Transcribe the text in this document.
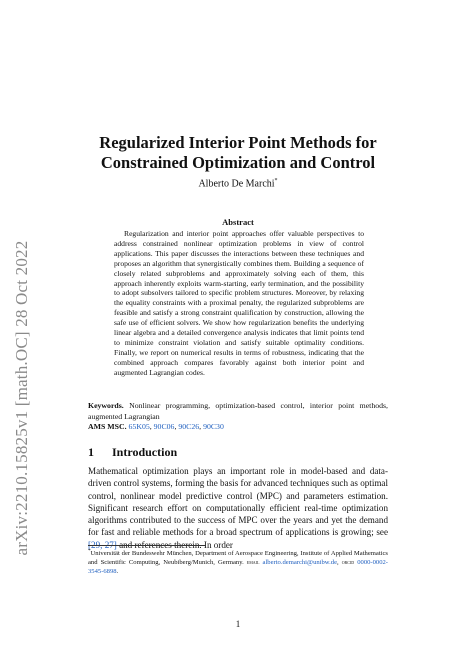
arXiv:2210.15825v1 [math.OC] 28 Oct 2022
Regularized Interior Point Methods for
Constrained Optimization and Control
Alberto De Marchi*
Abstract
Regularization and interior point approaches offer valuable perspectives to address constrained nonlinear optimization problems in view of control applications. This paper discusses the interactions between these techniques and proposes an algorithm that synergistically combines them. Building a sequence of closely related subproblems and approximately solving each of them, this approach inherently exploits warm-starting, early termination, and the possibility to adopt subsolvers tailored to specific problem structures. Moreover, by relaxing the equality constraints with a proximal penalty, the regularized subproblems are feasible and satisfy a strong constraint qualification by construction, allowing the safe use of efficient solvers. We show how regularization benefits the underlying linear algebra and a detailed convergence analysis indicates that limit points tend to minimize constraint violation and satisfy suitable optimality conditions. Finally, we report on numerical results in terms of robustness, indicating that the combined approach compares favorably against both interior point and augmented Lagrangian codes.
Keywords. Nonlinear programming, optimization-based control, interior point methods, augmented Lagrangian
AMS MSC. 65K05, 90C06, 90C26, 90C30
1 Introduction
Mathematical optimization plays an important role in model-based and data-driven control systems, forming the basis for advanced techniques such as optimal control, nonlinear model predictive control (MPC) and parameters estimation. Significant research effort on computationally efficient real-time optimization algorithms contributed to the success of MPC over the years and yet the demand for fast and reliable methods for a broad spectrum of applications is growing; see [29, 27] and references therein. In order
*Universität der Bundeswehr München, Department of Aerospace Engineering, Institute of Applied Mathematics and Scientific Computing, Neubiberg/Munich, Germany. email alberto.demarchi@unibw.de, orcid 0000-0002-3545-6898.
1
